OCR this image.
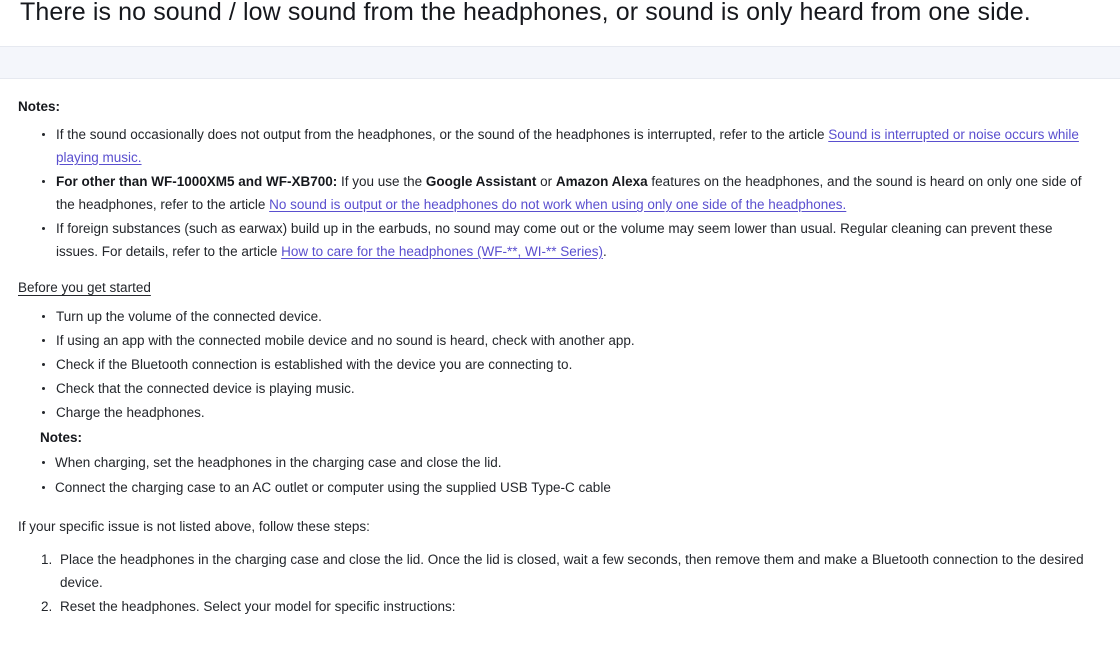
There is no sound / low sound from the headphones, or sound is only heard from one side.
Notes:
If the sound occasionally does not output from the headphones, or the sound of the headphones is interrupted, refer to the article Sound is interrupted or noise occurs while playing music.
For other than WF-1000XM5 and WF-XB700: If you use the Google Assistant or Amazon Alexa features on the headphones, and the sound is heard on only one side of the headphones, refer to the article No sound is output or the headphones do not work when using only one side of the headphones.
If foreign substances (such as earwax) build up in the earbuds, no sound may come out or the volume may seem lower than usual. Regular cleaning can prevent these issues. For details, refer to the article How to care for the headphones (WF-**, WI-** Series).
Before you get started
Turn up the volume of the connected device.
If using an app with the connected mobile device and no sound is heard, check with another app.
Check if the Bluetooth connection is established with the device you are connecting to.
Check that the connected device is playing music.
Charge the headphones.
Notes:
When charging, set the headphones in the charging case and close the lid.
Connect the charging case to an AC outlet or computer using the supplied USB Type-C cable
If your specific issue is not listed above, follow these steps:
1. Place the headphones in the charging case and close the lid. Once the lid is closed, wait a few seconds, then remove them and make a Bluetooth connection to the desired device.
2. Reset the headphones. Select your model for specific instructions:
